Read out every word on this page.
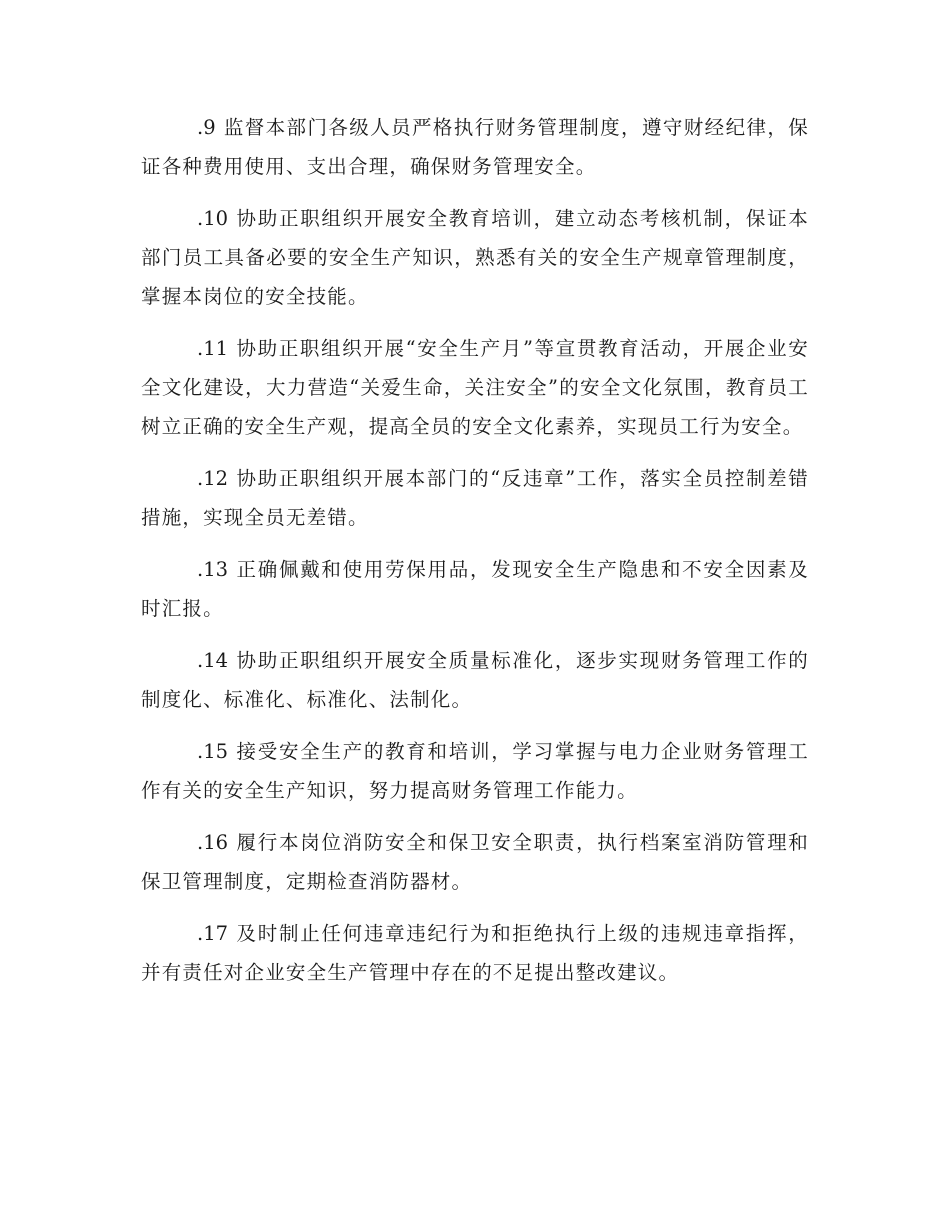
.9 监督本部门各级人员严格执行财务管理制度，遵守财经纪律，保证各种费用使用、支出合理，确保财务管理安全。

.10 协助正职组织开展安全教育培训，建立动态考核机制，保证本部门员工具备必要的安全生产知识，熟悉有关的安全生产规章管理制度，掌握本岗位的安全技能。

.11 协助正职组织开展“安全生产月”等宣贯教育活动，开展企业安全文化建设，大力营造“关爱生命，关注安全”的安全文化氛围，教育员工树立正确的安全生产观，提高全员的安全文化素养，实现员工行为安全。

.12 协助正职组织开展本部门的“反违章”工作，落实全员控制差错措施，实现全员无差错。

.13 正确佩戴和使用劳保用品，发现安全生产隐患和不安全因素及时汇报。

.14 协助正职组织开展安全质量标准化，逐步实现财务管理工作的制度化、标准化、标准化、法制化。

.15 接受安全生产的教育和培训，学习掌握与电力企业财务管理工作有关的安全生产知识，努力提高财务管理工作能力。

.16 履行本岗位消防安全和保卫安全职责，执行档案室消防管理和保卫管理制度，定期检查消防器材。

.17 及时制止任何违章违纪行为和拒绝执行上级的违规违章指挥，并有责任对企业安全生产管理中存在的不足提出整改建议。
